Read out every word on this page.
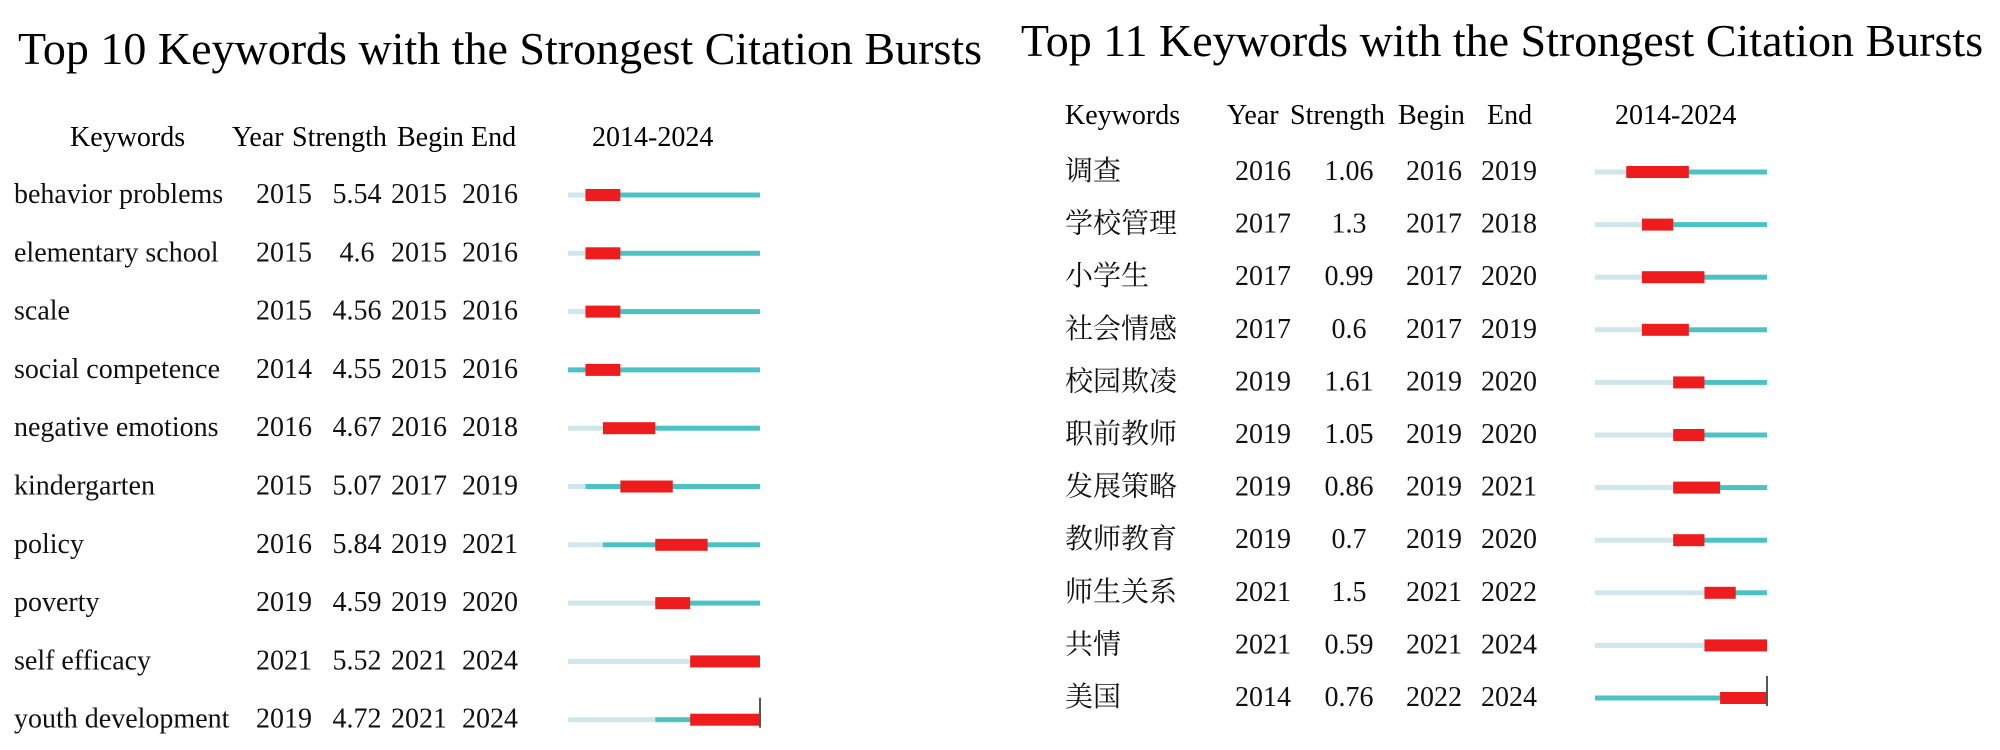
Top 10 Keywords with the Strongest Citation Bursts
Keywords Year Strength Begin End	2014-2024
behavior problems 2015 5.54 2015 2016
elementary school 2015 4.6 2015 2016
scale	2015 4.56 2015 2016
social competence 2014 4.55 2015 2016
negative emotions 2016 4.67 2016 2018
kindergarten	2015 5.07 2017 2019
policy	2016 5.84 2019 2021
poverty	2019 4.59 2019 2020
self efficacy	2021 5.52 2021 2024
youth development 2019 4.72 2021 2024
Top 11 Keywords with the Strongest Citation Bursts
Keywords Year Strength Begin End	2014-2024
调查	2016 1.06 2016 2019
学校管理 2017 1.3 2017 2018
小学生	2017 0.99 2017 2020
社会情感 2017 0.6 2017 2019
校园欺凌 2019 1.61 2019 2020
职前教师 2019 1.05 2019 2020
发展策略 2019 0.86 2019 2021
教师教育 2019 0.7 2019 2020
师生关系 2021 1.5 2021 2022
共情	2021 0.59 2021 2024
美国	2014 0.76 2022 2024
